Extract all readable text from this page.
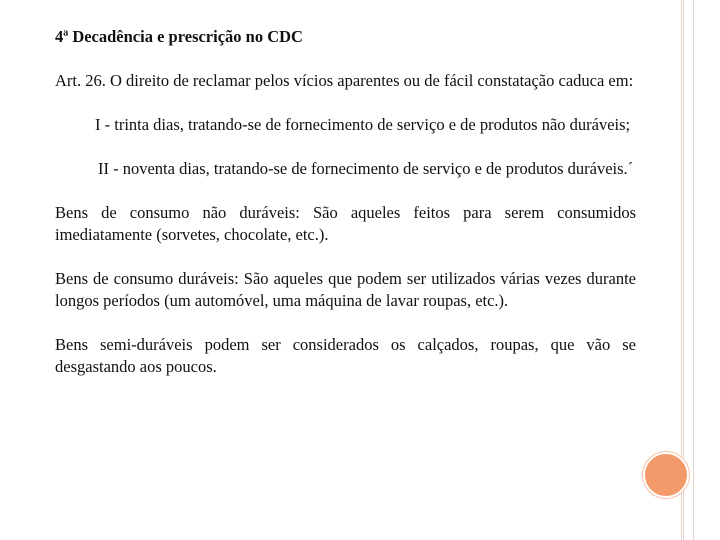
4ª Decadência e prescrição no CDC

Art. 26. O direito de reclamar pelos vícios aparentes ou de fácil constatação caduca em:

I - trinta dias, tratando-se de fornecimento de serviço e de produtos não duráveis;

II - noventa dias, tratando-se de fornecimento de serviço e de produtos duráveis.´

Bens de consumo não duráveis: São aqueles feitos para serem consumidos imediatamente (sorvetes, chocolate, etc.).

Bens de consumo duráveis: São aqueles que podem ser utilizados várias vezes durante longos períodos (um automóvel, uma máquina de lavar roupas, etc.).

Bens semi-duráveis podem ser considerados os calçados, roupas, que vão se desgastando aos poucos.
